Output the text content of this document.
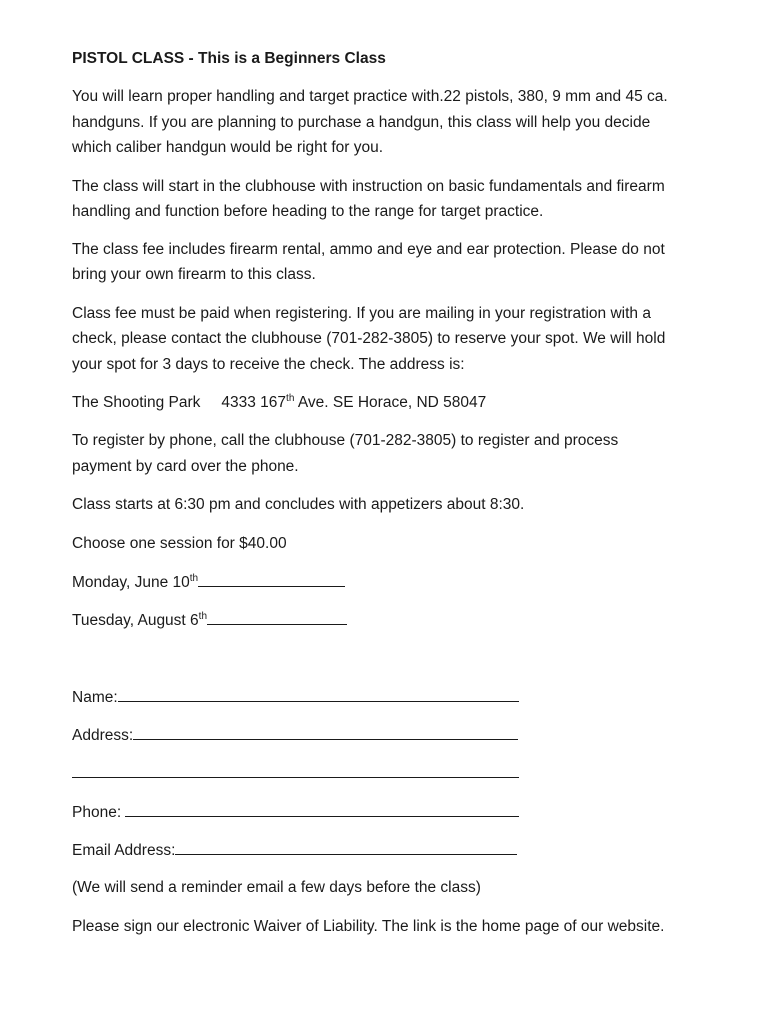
PISTOL CLASS - This is a Beginners Class
You will learn proper handling and target practice with.22 pistols, 380, 9 mm and 45 ca.
handguns. If you are planning to purchase a handgun, this class will help you decide
which caliber handgun would be right for you.
The class will start in the clubhouse with instruction on basic fundamentals and firearm
handling and function before heading to the range for target practice.
The class fee includes firearm rental, ammo and eye and ear protection. Please do not
bring your own firearm to this class.
Class fee must be paid when registering. If you are mailing in your registration with a
check, please contact the clubhouse (701-282-3805) to reserve your spot. We will hold
your spot for 3 days to receive the check. The address is:
The Shooting Park 4333 167th Ave. SE Horace, ND 58047
To register by phone, call the clubhouse (701-282-3805) to register and process
payment by card over the phone.
Class starts at 6:30 pm and concludes with appetizers about 8:30.
Choose one session for $40.00
Monday, June 10th
Tuesday, August 6th
Name:
Address:
Phone:
Email Address:
(We will send a reminder email a few days before the class)
Please sign our electronic Waiver of Liability. The link is the home page of our website.
